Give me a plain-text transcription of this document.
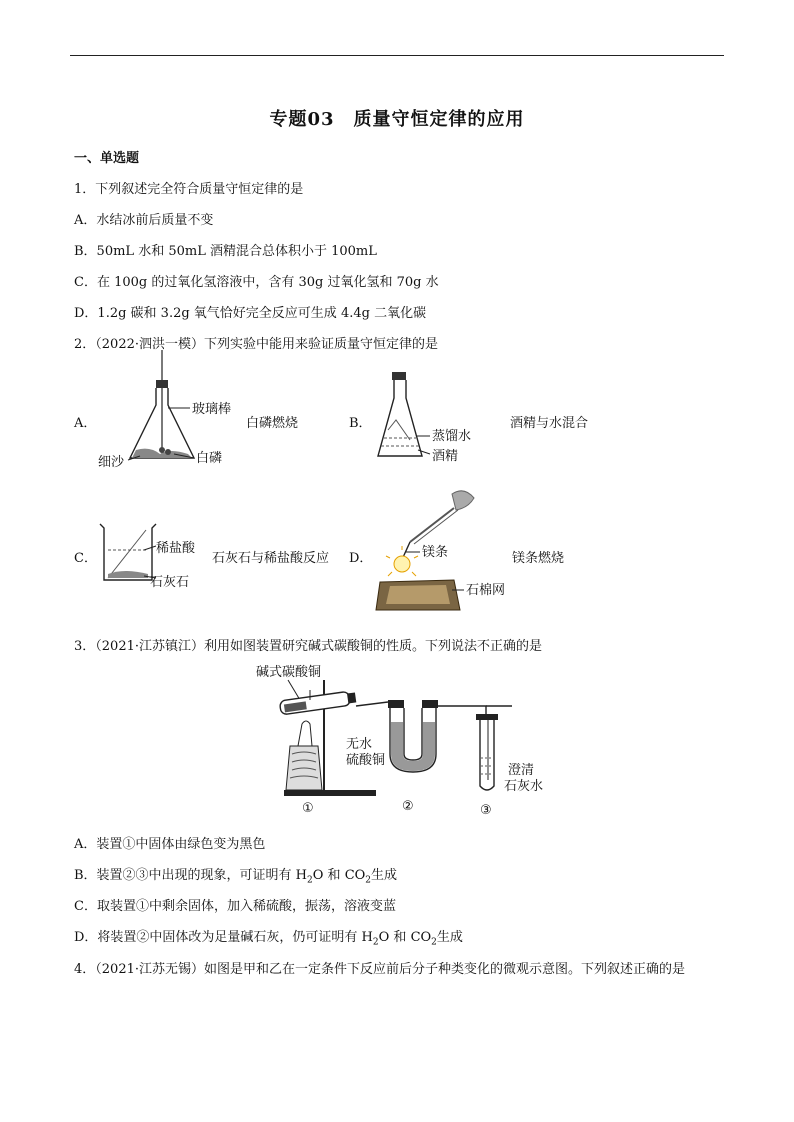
专题03　质量守恒定律的应用
一、单选题
1．下列叙述完全符合质量守恒定律的是
A．水结冰前后质量不变
B．50mL 水和 50mL 酒精混合总体积小于 100mL
C．在 100g 的过氧化氢溶液中，含有 30g 过氧化氢和 70g 水
D．1.2g 碳和 3.2g 氧气恰好完全反应可生成 4.4g 二氧化碳
2．（2022·泗洪一模）下列实验中能用来验证质量守恒定律的是
A．
玻璃棒
白磷
细沙
白磷燃烧	B．
蒸馏水
酒精
酒精与水混合
C．
稀盐酸
石灰石
石灰石与稀盐酸反应 D．	镁条
石棉网
镁条燃烧
3．（2021·江苏镇江）利用如图装置研究碱式碳酸铜的性质。下列说法不正确的是
碱式碳酸铜
无水
硫酸铜
澄清
石灰水
①	②	③
A．装置①中固体由绿色变为黑色
B．装置②③中出现的现象，可证明有 $H_2O$ 和 $CO_2$生成
C．取装置①中剩余固体，加入稀硫酸，振荡，溶液变蓝
D．将装置②中固体改为足量碱石灰，仍可证明有 $H_2O$ 和 $CO_2$生成
4．（2021·江苏无锡）如图是甲和乙在一定条件下反应前后分子种类变化的微观示意图。下列叙述正确的是
